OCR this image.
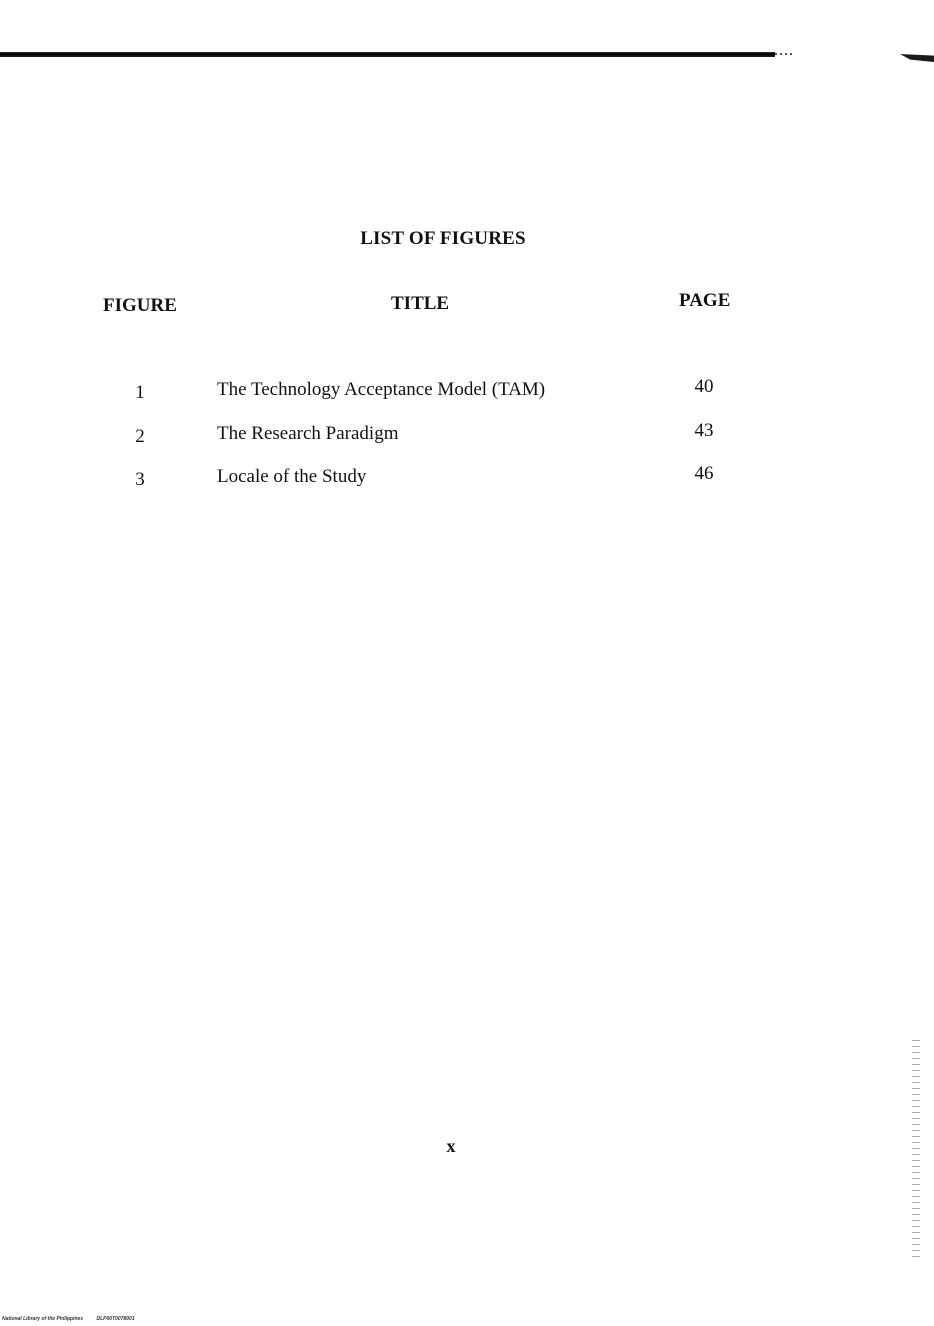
LIST OF FIGURES
FIGURE	TITLE	PAGE
1	The Technology Acceptance Model (TAM)	40
2	The Research Paradigm	43
3	Locale of the Study	46
x
National Library of the Philippines	DLP00T0078001
